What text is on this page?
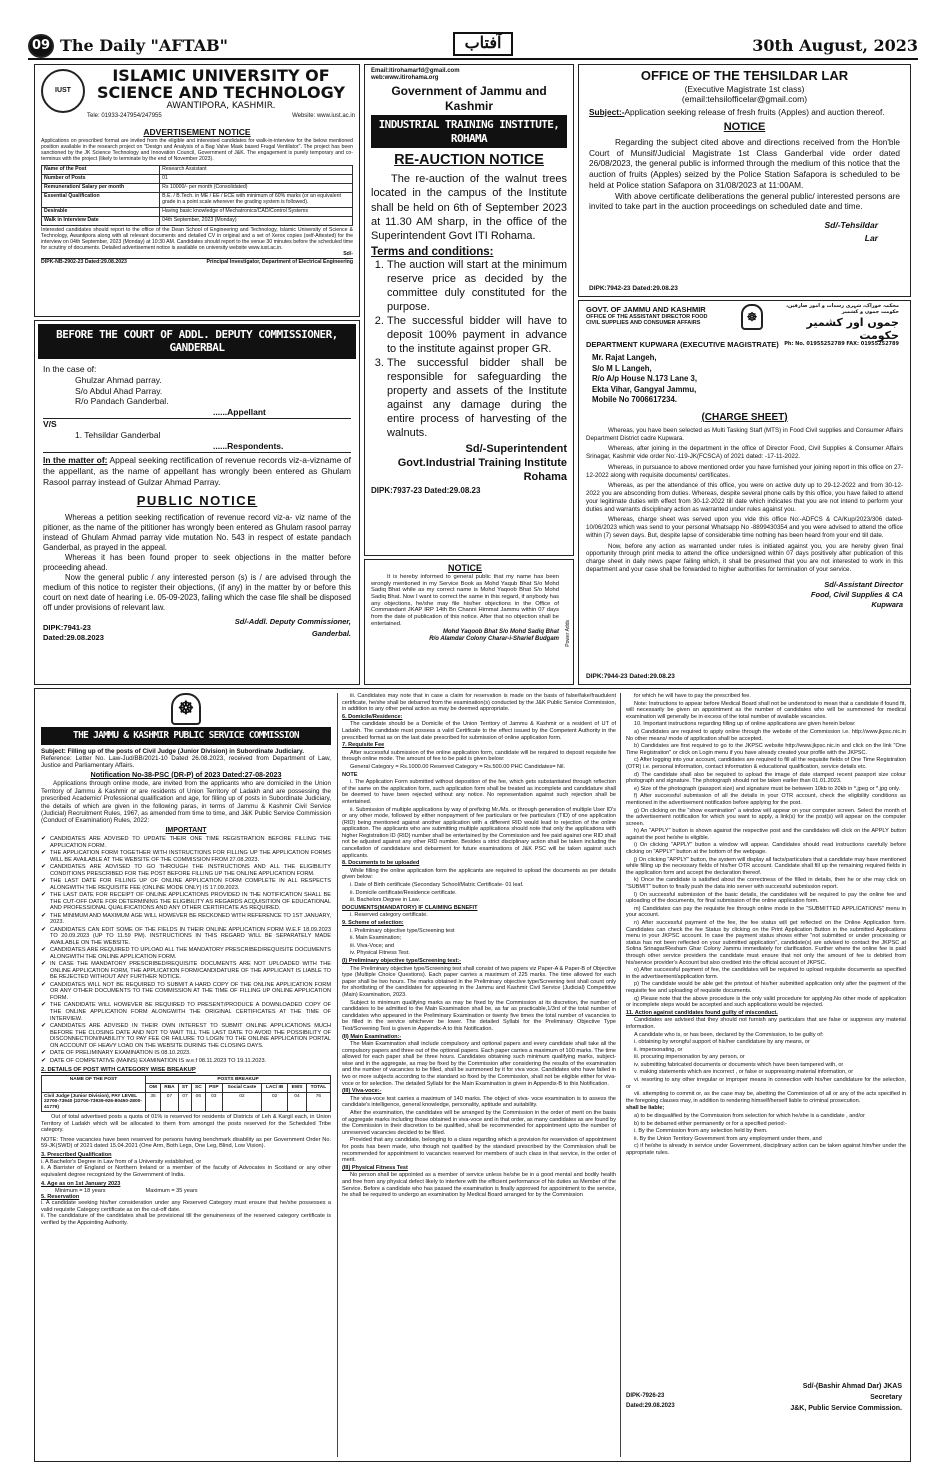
09 The Daily "AFTAB"	آفتاب	30th August, 2023
IUST
ISLAMIC UNIVERSITY OF
SCIENCE AND TECHNOLOGY
AWANTIPORA, KASHMIR.
Tele: 01933-247954/247955	Website: www.iust.ac.in
ADVERTISEMENT NOTICE
Applications on prescribed format are invited from the eligible and interested candidates for walk-in-interview for the below mentioned position available in the research project on "Design and Analysis of a Bag Valve Mask based Frugal Ventilator". The project has been sanctioned by the JK Science Technology and Innovation Council, Government of J&K. The engagement is purely temporary and co-terminus with the project (likely to terminate by the end of November 2023).
Name of the Post	Research Assistant
Number of Posts	01
Remuneration/ Salary per month	Rs 10000/- per month (Consolidated)
Essential Qualification	B.E. / B.Tech. in ME / EE / ECE with minimum of 60% marks (or an equivalent grade in a point scale wherever the grading system is followed).
Desirable	Having basic knowledge of Mechatronics/CAD/Control Systems
Walk in Interview Date	04th September, 2023 (Monday)
Interested candidates should report to the office of the Dean School of Engineering and Technology, Islamic University of Science & Technology, Awantipora along with all relevant documents and detailed CV in original and a set of Xerox copies (self-Attested) for the interview on 04th September, 2023 (Monday) at 10:30 AM. Candidates should report to the venue 30 minutes before the scheduled time for scrutiny of documents. Detailed advertisement notice is available on university website www.iust.ac.in.
Sd/-
DIPK-NB-2902-23 Dated:29.08.2023	Principal Investigator, Department of Electrical Engineering
BEFORE THE COURT OF ADDL. DEPUTY COMMISSIONER, GANDERBAL
In the case of:
Ghulzar Ahmad parray.
S/o Abdul Ahad Parray.
R/o Pandach Ganderbal.
......Appellant
V/S
1. Tehsildar Ganderbal
......Respondents.
In the matter of: Appeal seeking rectification of revenue records viz-a-vizname of the appellant, as the name of appellant has wrongly been entered as Ghulam Rasool parray instead of Gulzar Ahmad Parray.
PUBLIC NOTICE
Whereas a petition seeking rectification of revenue record viz-a- viz name of the pitioner, as the name of the pititioner has wrongly been entered as Ghulam rasool parray instead of Ghulam Ahmad parray vide mutation No. 543 in respect of estate pandach Ganderbal, as prayed in the appeal.
Whereas it has been found proper to seek objections in the matter before proceeding ahead.
Now the general public / any interested person (s) is / are advised through the medium of this notice to register their objections, (if any) in the matter by or before this court on next date of hearing i.e. 05-09-2023, failing which the case file shall be disposed off under provisions of relevant law.
DIPK:7941-23
Dated:29.08.2023
Sd/-Addl. Deputy Commissioner,
Ganderbal.
Email:itirohamarfd@gmail.com
web:www.itirohama.org
Government of Jammu and Kashmir
INDUSTRIAL TRAINING INSTITUTE, ROHAMA
RE-AUCTION NOTICE
The re-auction of the walnut trees located in the campus of the Institute shall be held on 6th of September 2023 at 11.30 AM sharp, in the office of the Superintendent Govt ITI Rohama.
Terms and conditions:
1. The auction will start at the minimum reserve price as decided by the committee duly constituted for the purpose.
2. The successful bidder will have to deposit 100% payment in advance to the institute against proper GR.
3. The successful bidder shall be responsible for safeguarding the property and assets of the Institute against any damage during the entire process of harvesting of the walnuts.
Sd/-Superintendent
Govt.Industrial Training Institute
Rohama
DIPK:7937-23 Dated:29.08.23
NOTICE
It is hereby informed to general public that my name has been wrongly mentioned in my Service Book as Mohd Yaqub Bhat S/o Mohd Sadiq Bhat while as my correct name is Mohd Yaqoob Bhat S/o Mohd Sadiq Bhat. Now I want to correct the same in this regard, if anybody has any objections, he/she may file his/her objections in the Office of Commandant JKAP IRP 14th Bn Channi Himmat Jammu within 07 days from the date of publication of this notice. After that no objection shall be entertained.
Mohd Yaqoob Bhat S/o Mohd Sadiq Bhat
R/o Alamdar Colony Charar-i-Sharief Budgam Power Adds
OFFICE OF THE TEHSILDAR LAR
(Executive Magistrate 1st class)
(email:tehsilofficelar@gmail.com)
Subject:-Application seeking release of fresh fruits (Apples) and auction thereof.
NOTICE
Regarding the subject cited above and directions received from the Hon'ble Court of Munsif/Judicial Magistrate 1st Class Ganderbal vide order dated 26/08/2023, the general public is informed through the medium of this notice that the auction of fruits (Apples) seized by the Police Station Safapora is scheduled to be held at Police station Safapora on 31/08/2023 at 11:00AM.
With above certificate deliberations the general public/ interested persons are invited to take part in the auction proceedings on scheduled date and time.
Sd/-Tehsildar
Lar
DIPK:7942-23 Dated:29.08.23
GOVT. OF JAMMU AND KASHMIR
OFFICE OF THE ASSISTANT DIRECTOR FOOD
CIVIL SUPPLIES AND CONSUMER AFFAIRS	☸
محکمہ خوراک، شہری رسدات و امور صارفین، حکومت جموں و کشمیر
جموں اور کشمیر حکومت
Ph: No. 01955252789 FAX: 01955252789
DEPARTMENT KUPWARA (EXECUTIVE MAGISTRATE)
Mr. Rajat Langeh,
S/o M L Langeh,
R/o A/p House N.173 Lane 3,
Ekta Vihar, Gangyal Jammu,
Mobile No 7006617234.
(CHARGE SHEET)
Whereas, you have been selected as Multi Tasking Staff (MTS) in Food Civil supplies and Consumer Affairs Department District cadre Kupwara.
Whereas, after joining in the department in the office of Director Food, Civil Supplies & Consumer Affairs Srinagar, Kashmir vide order No:-119-JK(FCSCA) of 2021 dated: -17-11-2022.
Whereas, in pursuance to above mentioned order you have furnished your joining report in this office on 27-12-2022 along with requisite documents/ certificates.
Whereas, as per the attendance of this office, you were on active duty up to 29-12-2022 and from 30-12-2022 you are absconding from duties. Whereas, despite several phone calls by this office, you have failed to attend your legitimate duties with effect from 30-12-2022 till date which indicates that you are not intend to perform your duties and warrants disciplinary action as warranted under rules against you.
Whereas, charge sheet was served upon you vide this office No:-ADFCS & CA/Kup/2023/306 dated-10/06/2023 which was send to your personal Whatsapp No -8899430354 and you were advised to attend the office within (7) seven days. But, despite lapse of considerable time nothing has been heard from your end till date.
Now, before any action as warranted under rules is initiated against you, you are hereby given final opportunity through print media to attend the office undersigned within 07 days positively after publication of this charge sheet in daily news paper failing which, it shall be presumed that you are not interested to work in this department and your case shall be forwarded to higher authorities for termination of your service.
Sd/-Assistant Director
Food, Civil Supplies & CA
Kupwara
DIPK:7944-23 Dated:29.08.23
☸
THE JAMMU & KASHMIR PUBLIC SERVICE COMMISSION
Subject: Filling up of the posts of Civil Judge (Junior Division) in Subordinate Judiciary.
Reference: Letter No. Law-Jud/BB/2021-10 Dated 26.08.2023, received from Department of Law, Justice and Parliamentary Affairs.
Notification No-38-PSC (DR-P) of 2023 Dated:27-08-2023
Applications through online mode, are invited from the applicants who are domiciled in the Union Territory of Jammu & Kashmir or are residents of Union Territory of Ladakh and are possessing the prescribed Academic/ Professional qualification and age, for filling up of posts in Subordinate Judiciary, the details of which are given in the following paras, in terms of Jammu & Kashmir Civil Service (Judicial) Recruitment Rules, 1967, as amended from time to time, and J&K Public Service Commission (Conduct of Examination) Rules, 2022:
IMPORTANT
✔ CANDIDATES ARE ADVISED TO UPDATE THEIR ONE TIME REGISTRATION BEFORE FILLING THE APPLICATION FORM.
✔ THE APPLICATION FORM TOGETHER WITH INSTRUCTIONS FOR FILLING UP THE APPLICATION FORMS WILL BE AVAILABLE AT THE WEBSITE OF THE COMMISSION FROM 27.08.2023.
✔ CANDIDATES ARE ADVISED TO GO THROUGH THE INSTRUCTIONS AND ALL THE ELIGIBILITY CONDITIONS PRESCRIBED FOR THE POST BEFORE FILLING UP THE ONLINE APPLICATION FORM.
✔ THE LAST DATE FOR FILLING UP OF ONLINE APPLICATION FORM COMPLETE IN ALL RESPECTS ALONGWITH THE REQUISITE FEE (ONLINE MODE ONLY) IS 17.09.2023.
✔ THE LAST DATE FOR RECEIPT OF ONLINE APPLICATIONS PROVIDED IN THE NOTIFICATION SHALL BE THE CUT-OFF DATE FOR DETERMINING THE ELIGIBILITY AS REGARDS ACQUISITION OF EDUCATIONAL AND PROFESSIONAL QUALIFICATIONS AND ANY OTHER CERTIFICATE AS REQUIRED.
✔ THE MINIMUM AND MAXIMUM AGE WILL HOWEVER BE RECKONED WITH REFERENCE TO 1ST JANUARY, 2023.
✔ CANDIDATES CAN EDIT SOME OF THE FIELDS IN THEIR ONLINE APPLICATION FORM W.E.F 18.09.2023 TO 20.09.2023 (UP TO 11.59 PM). INSTRUCTIONS IN THIS REGARD WILL BE SEPARATELY MADE AVAILABLE ON THE WEBSITE.
✔ CANDIDATES ARE REQUIRED TO UPLOAD ALL THE MANDATORY PRESCRIBED/REQUISITE DOCUMENTS ALONGWITH THE ONLINE APPLICATION FORM.
✔ IN CASE THE MANDATORY PRESCRIBED/REQUISITE DOCUMENTS ARE NOT UPLOADED WITH THE ONLINE APPLICATION FORM, THE APPLICATION FORM/CANDIDATURE OF THE APPLICANT IS LIABLE TO BE REJECTED WITHOUT ANY FURTHER NOTICE.
✔ CANDIDATES WILL NOT BE REQUIRED TO SUBMIT A HARD COPY OF THE ONLINE APPLICATION FORM OR ANY OTHER DOCUMENTS TO THE COMMISSION AT THE TIME OF FILLING UP ONLINE APPLICATION FORM.
✔ THE CANDIDATE WILL HOWEVER BE REQUIRED TO PRESENT/PRODUCE A DOWNLOADED COPY OF THE ONLINE APPLICATION FORM ALONGWITH THE ORIGINAL CERTIFICATES AT THE TIME OF INTERVIEW.
✔ CANDIDATES ARE ADVISED IN THEIR OWN INTEREST TO SUBMIT ONLINE APPLICATIONS MUCH BEFORE THE CLOSING DATE AND NOT TO WAIT TILL THE LAST DATE TO AVOID THE POSSIBILITY OF DISCONNECTION/INABILITY TO PAY FEE OR FAILURE TO LOGIN TO THE ONLINE APPLICATION PORTAL ON ACCOUNT OF HEAVY LOAD ON THE WEBSITE DURING THE CLOSING DAYS.
✔ DATE OF PRELIMINARY EXAMINATION IS 08.10.2023.
✔ DATE OF COMPETATIVE (MAINS) EXAMINATION IS w.e.f 08.11.2023 TO 19.11.2023.
2. DETAILS OF POST WITH CATEGORY WISE BREAKUP
NAME OF THE POST	POSTS BREAKUP								
	OM	RBA	ST	SC	PSP	Social Caste	LAC/ IB	EWS	TOTAL
Civil Judge (Junior Division), PAY LEVEL 22700-73940 (22700-73939-926-80450-2800-41779)	35	07	07	06	03	02	02	04	76
Out of total advertised posts a quota of 01% is reserved for residents of Districts of Leh & Kargil each, in Union Territory of Ladakh which will be allocated to them from amongst the posts reserved for the Scheduled Tribe category.
NOTE: Three vacancies have been reserved for persons having benchmark disability as per Government Order No. 59-JK(SWD) of 2021 dated 15.04.2021 (One Arm, Both Legs, One Leg, Blind, Low Vision).
3. Prescribed Qualification
i. A Bachelor's Degree in Law from of a University established, or
ii. A Barrister of England or Northern Ireland or a member of the faculty of Advocates in Scotland or any other equivalent degree recognized by the Government of India.
4. Age as on 1st January 2023
Minimum = 18 years	Maximum = 35 years
5. Reservation
i. A candidate seeking his/her consideration under any Reserved Category must ensure that he/she possesses a valid requisite Category certificate as on the cut-off date.
ii. The candidature of the candidates shall be provisional till the genuineness of the reserved category certificate is verified by the Appointing Authority.
iii. Candidates may note that in case a claim for reservation is made on the basis of false/fake/fraudulent certificate, he/she shall be debarred from the examination(s) conducted by the J&K Public Service Commission, in addition to any other penal action as may be deemed appropriate.
6. Domicile/Residence:
The candidate should be a Domicile of the Union Territory of Jammu & Kashmir or a resident of UT of Ladakh. The candidate must possess a valid Certificate to the effect issued by the Competent Authority in the prescribed format as on the last date prescribed for submission of online application form.
7. Requisite Fee
After successful submission of the online application form, candidate will be required to deposit requisite fee through online mode. The amount of fee to be paid is given below:
General Category = Rs.1000.00 Reserved Category = Rs.500.00 PHC Candidates= Nil.
NOTE
i. The Application Form submitted without deposition of the fee, which gets substantiated through reflection of the same on the application form, such application form shall be treated as incomplete and candidature shall be deemed to have been rejected without any notice. No representation against such rejection shall be entertained.
ii. Submission of multiple applications by way of prefixing Mr./Ms. or through generation of multiple User ID's or any other mode, followed by either nonpayment of fee particulars or fee particulars (TID) of one application (RID) being mentioned against another application with a different RID would lead to rejection of the online application. The applicants who are submitting multiple applications should note that only the applications with higher Registration ID (RID) number shall be entertained by the Commission and fee paid against one RID shall not be adjusted against any other RID number. Besides a strict disciplinary action shall be taken including the cancellation of candidature and debarment for future examinations of J&K PSC will be taken against such applicants.
8. Documents to be uploaded
While filling the online application form the applicants are required to upload the documents as per details given below:
i. Date of Birth certificate (Secondary School/Matric Certificate- 01 leaf.
ii. Domicile certificate/Residence certificate.
iii. Bachelors Degree in Law.
DOCUMENTS(MANDATORY) IF CLAIMING BENEFIT
i. Reserved category certificate.
9. Scheme of selection:
i. Preliminary objective type/Screening test
ii. Main Examination;
iii. Viva-Voce; and
iv. Physical Fitness Test.
(I) Preliminary objective type/Screening test:-
The Preliminary objective type/Screening test shall consist of two papers viz Paper-A & Paper-B of Objective type (Multiple Choice Questions). Each paper carries a maximum of 225 marks. The time allowed for each paper shall be two hours. The marks obtained in the Preliminary objective type/Screening test shall count only for shortlisting of the candidates for appearing in the Jammu and Kashmir Civil Service (Judicial) Competitive (Main) Examination, 2023.
Subject to minimum qualifying marks as may be fixed by the Commission at its discretion, the number of candidates to be admitted to the Main Examination shall be, as far as practicable,1/3rd of the total number of candidates who appeared in the Preliminary Examination or twenty five times the total number of vacancies to be filled in the service whichever be lower. The detailed Syllabi for the Preliminary Objective Type Test/Screening Test is given in Appendix-A to this Notification.
(II) Main Examination:-
The Main Examination shall include compulsory and optional papers and every candidate shall take all the compulsory papers and three out of the optional papers. Each paper carries a maximum of 100 marks. The time allowed for each paper shall be three hours. Candidates obtaining such minimum qualifying marks, subject-wise and in the aggregate, as may be fixed by the Commission after considering the results of the examination and the number of vacancies to be filled, shall be summoned by it for viva voce. Candidates who have failed in two or more subjects according to the standard so fixed by the Commission, shall not be eligible either for viva-voce or for selection. The detailed Syllabi for the Main Examination is given in Appendix-B to this Notification.
(III) Viva-voce:-
The viva-voce test carries a maximum of 140 marks. The object of viva- voce examination is to assess the candidate's intelligence, general knowledge, personality, aptitude and suitability.
After the examination, the candidates will be arranged by the Commission in the order of merit on the basis of aggregate marks including those obtained in viva-voce and in that order, as many candidates as are found by the Commission in their discretion to be qualified, shall be recommended for appointment upto the number of unreserved vacancies decided to be filled.
Provided that any candidate, belonging to a class regarding which a provision for reservation of appointment for posts has been made, who though not qualified by the standard prescribed by the Commission shall be recommended for appointment to vacancies reserved for members of such class in that service, in the order of merit.
(III) Physical Fitness Test
No person shall be appointed as a member of service unless he/she be in a good mental and bodily health and free from any physical defect likely to interfere with the efficient performance of his duties as Member of the Service. Before a candidate who has passed the examination is finally approved for appointment to the service, he shall be required to undergo an examination by Medical Board arranged for by the Commission
for which he will have to pay the prescribed fee.
Note: Instructions to appear before Medical Board shall not be understood to mean that a candidate if found fit, will necessarily be given an appointment as the number of candidates who will be summoned for medical examination will generally be in excess of the total number of available vacancies.
10. Important instructions regarding filling up of online applications are given herein below:
a) Candidates are required to apply online through the website of the Commission i.e. http://www.jkpsc.nic.in No other means/ mode of application shall be accepted.
b) Candidates are first required to go to the JKPSC website http://www.jkpsc.nic.in and click on the link "One Time Registration" or click on Login menu if you have already created your profile with the JKPSC.
c) After logging into your account, candidates are required to fill all the requisite fields of One Time Registration (OTR) i.e. personal information, contact information & educational qualification, service details etc.
d) The candidate shall also be required to upload the image of date stamped recent passport size colour photograph and signature. The photograph should not be taken earlier than 01.01.2023.
e) Size of the photograph (passport size) and signature must be between 10kb to 20kb in *.jpeg or *.jpg only.
f) After successful submission of all the details in your OTR account, check the eligibility conditions as mentioned in the advertisement notification before applying for the post.
g) On clicking on the "show examination" a window will appear on your computer screen. Select the month of the advertisement notification for which you want to apply, a link(s) for the post(s) will appear on the computer screen.
h) An "APPLY" button is shown against the respective post and the candidates will click on the APPLY button against the post he/she is eligible.
i) On clicking "APPLY" button a window will appear. Candidates should read instructions carefully before clicking on "APPLY" button at the bottom of the webpage.
j) On clicking "APPLY" button, the system will display all facts/particulars that a candidate may have mentioned while filling up the necessary fields of his/her OTR account. Candidate shall fill up the remaining required fields in the application form and accept the declaration thereof.
k) Once the candidate is satisfied about the correctness of the filled in details, then he or she may click on "SUBMIT" button to finally push the data into server with successful submission report.
l) On successful submission of the basic details, the candidates will be required to pay the online fee and uploading of the documents, for final submission of the online application form.
m) Candidates can pay the requisite fee through online mode in the "SUBMITTED APPLICATIONS" menu in your account.
n) After successful payment of the fee, the fee status will get reflected on the Online Application form. Candidates can check the fee Status by clicking on the Print Application Button in the submitted Applications menu in your JKPSC account. In case the payment status shows either "not submitted or under processing or status has not been reflected on your submitted application", candidate(s) are advised to contact the JKPSC at Solina Srinagar/Resham Ghar Colony Jammu immediately for clarification. Further where the online fee is paid through other service providers the candidate must ensure that not only the amount of fee is debited from his/service provider's Account but also credited into the official account of JKPSC.
o) After successful payment of fee, the candidates will be required to upload requisite documents as specified in the advertisement/application form.
p) The candidate would be able get the printout of his/her submitted application only after the payment of the requisite fee and uploading of requisite documents.
q) Please note that the above procedure is the only valid procedure for applying.No other mode of application or incomplete steps would be accepted and such applications would be rejected.
11. Action against candidates found guilty of misconduct.
Candidates are advised that they should not furnish any particulars that are false or suppress any material information.
A candidate who is, or has been, declared by the Commission, to be guilty of:
i. obtaining by wrongful support of his/her candidature by any means, or
ii. impersonating, or
iii. procuring impersonation by any person, or
iv. submitting fabricated documents or documents which have been tampered with, or
v. making statements which are incorrect , or false or suppressing material information, or
vi. resorting to any other irregular or improper means in connection with his/her candidature for the selection, or
vii. attempting to commit or, as the case may be, abetting the Commission of all or any of the acts specified in the foregoing clauses may, in addition to rendering himself/herself liable to criminal prosecution.
shall be liable;
a) to be disqualified by the Commission from selection for which he/she is a candidate , and/or
b) to be debarred either permanently or for a specified period:-
i. By the Commission from any selection held by them.
ii. By the Union Territory Government from any employment under them, and
c) if he/she is already in service under Government, disciplinary action can be taken against him/her under the appropriate rules.
DIPK-7926-23
Dated:29.08.2023
Sd/-(Bashir Ahmad Dar) JKAS
Secretary
J&K, Public Service Commission.
